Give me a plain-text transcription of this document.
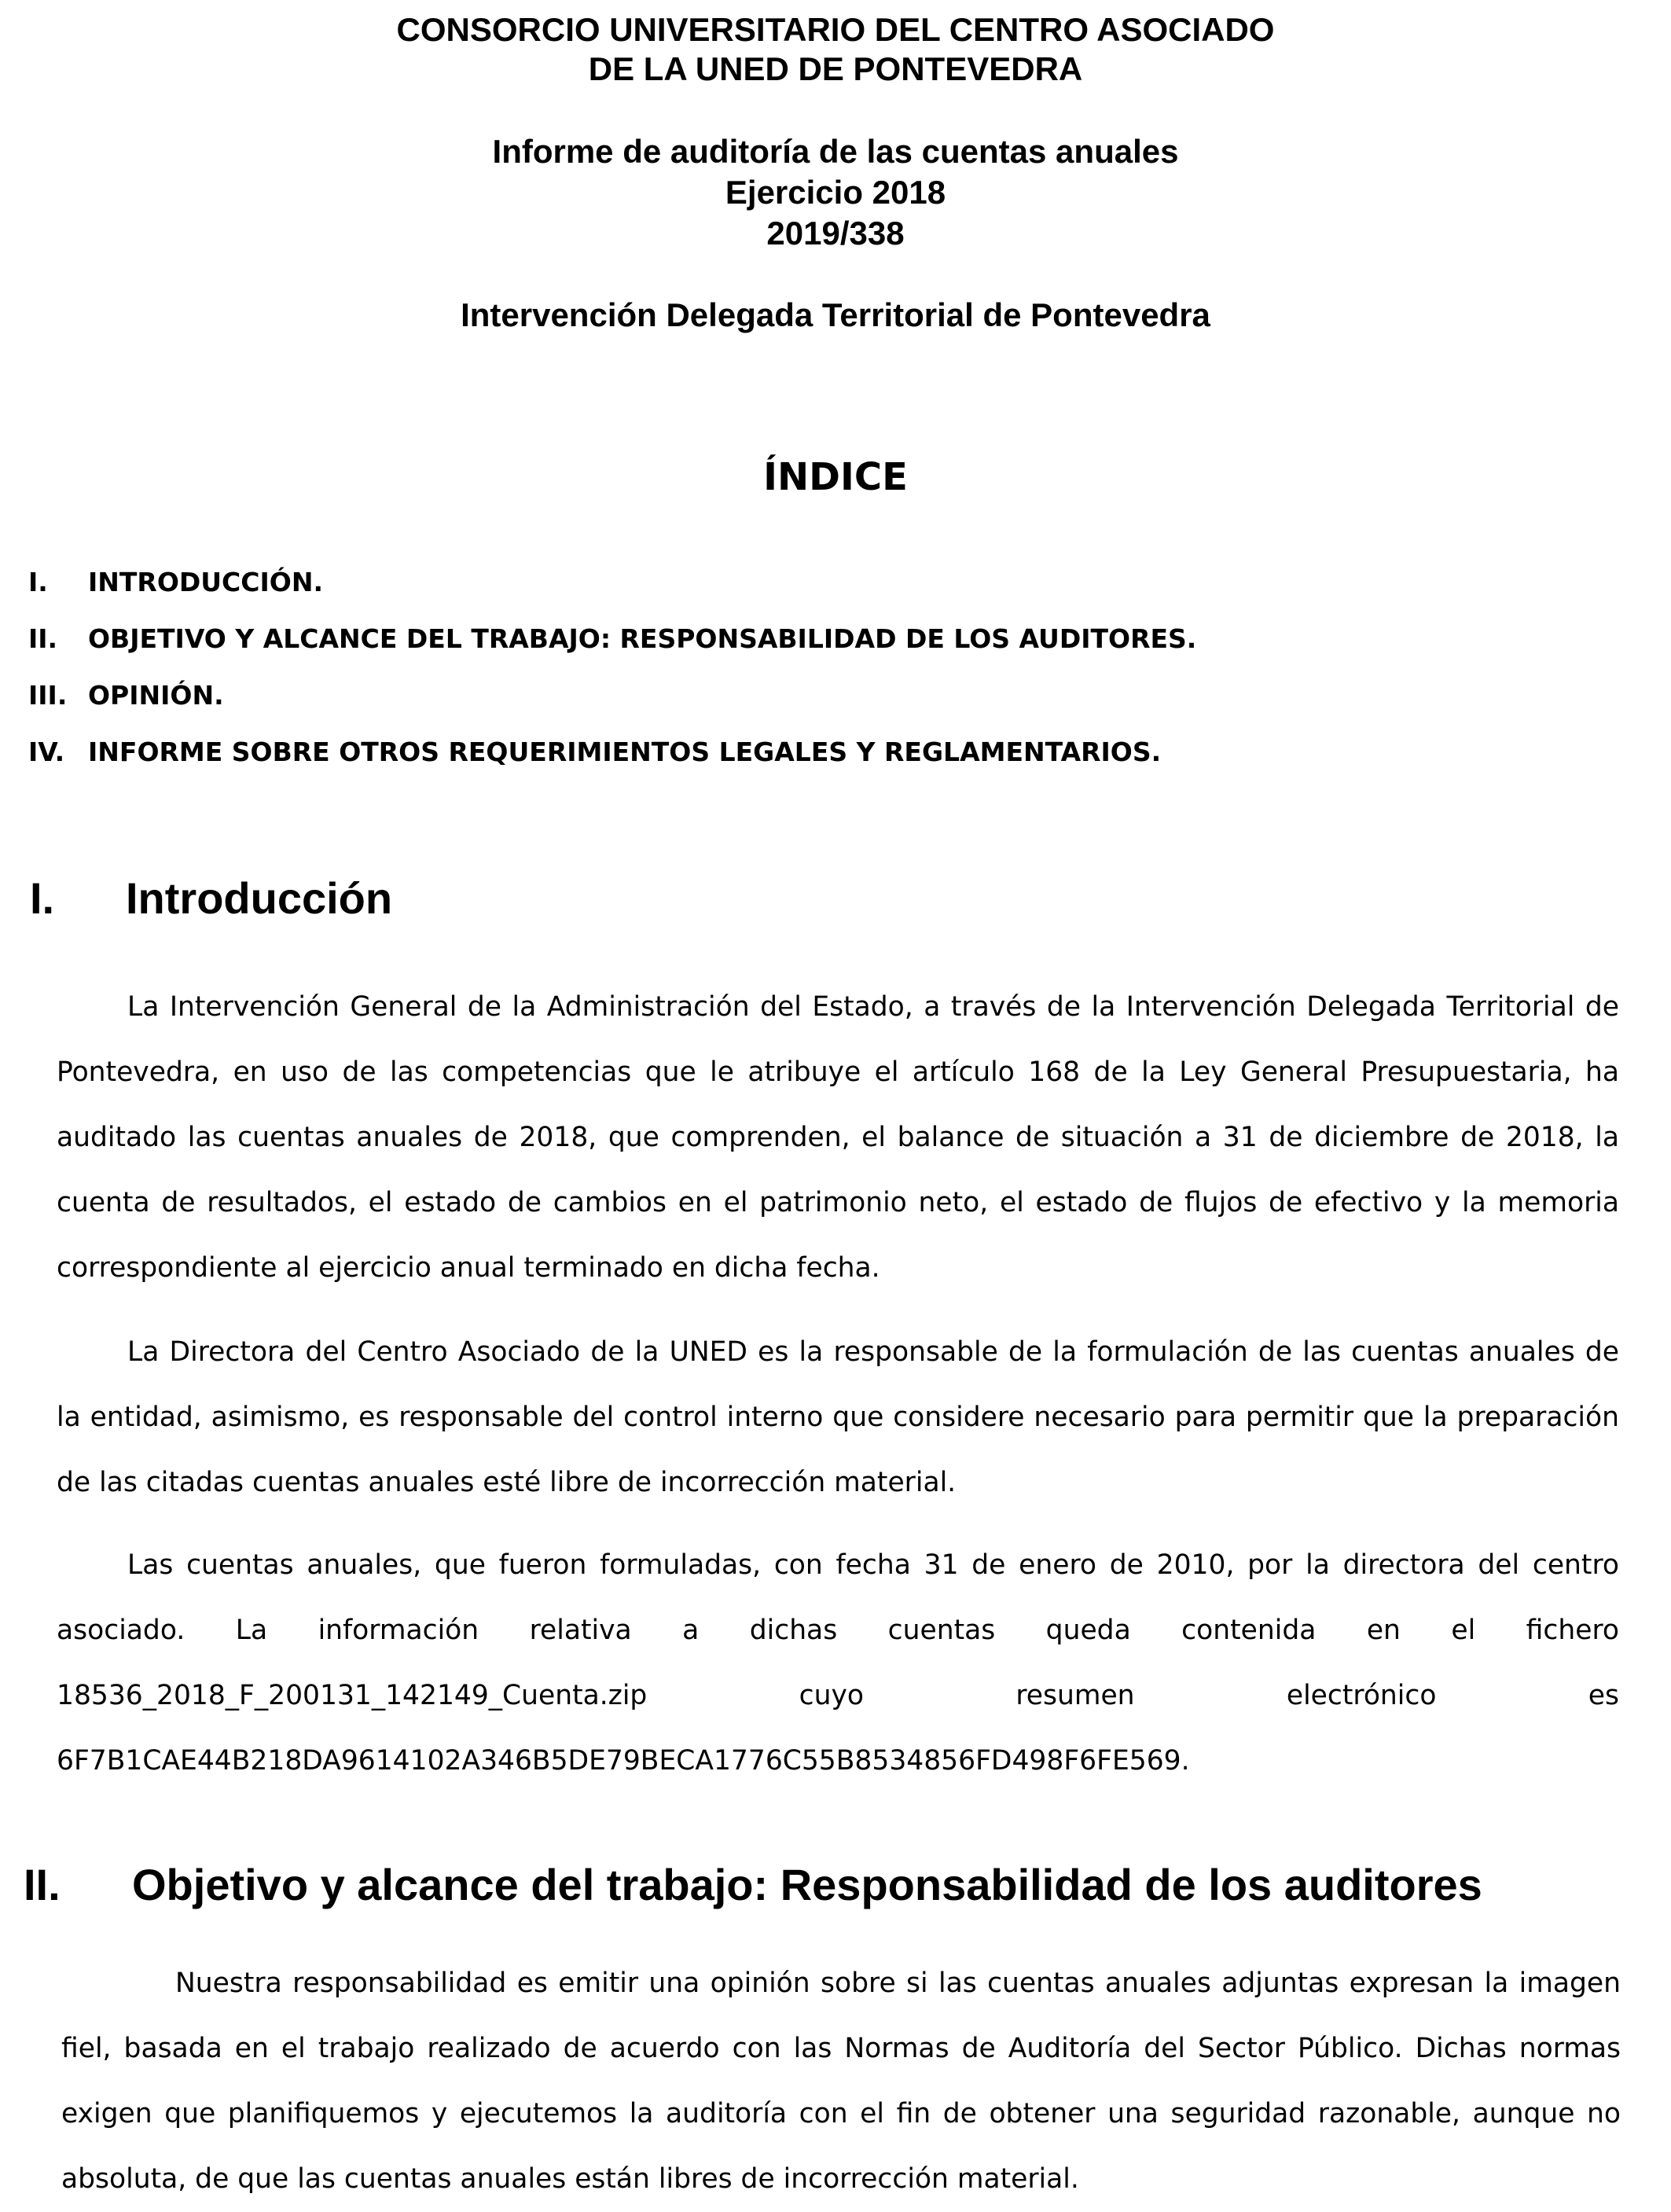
CONSORCIO UNIVERSITARIO DEL CENTRO ASOCIADO
DE LA UNED DE PONTEVEDRA
Informe de auditoría de las cuentas anuales
Ejercicio 2018
2019/338
Intervención Delegada Territorial de Pontevedra
ÍNDICE
I. INTRODUCCIÓN.
II. OBJETIVO Y ALCANCE DEL TRABAJO: RESPONSABILIDAD DE LOS AUDITORES.
III. OPINIÓN.
IV. INFORME SOBRE OTROS REQUERIMIENTOS LEGALES Y REGLAMENTARIOS.
I. Introducción
La Intervención General de la Administración del Estado, a través de la Intervención Delegada Territorial de Pontevedra, en uso de las competencias que le atribuye el artículo 168 de la Ley General Presupuestaria, ha auditado las cuentas anuales de 2018, que comprenden, el balance de situación a 31 de diciembre de 2018, la cuenta de resultados, el estado de cambios en el patrimonio neto, el estado de flujos de efectivo y la memoria correspondiente al ejercicio anual terminado en dicha fecha.
La Directora del Centro Asociado de la UNED es la responsable de la formulación de las cuentas anuales de la entidad, asimismo, es responsable del control interno que considere necesario para permitir que la preparación de las citadas cuentas anuales esté libre de incorrección material.
Las cuentas anuales, que fueron formuladas, con fecha 31 de enero de 2010, por la directora del centro asociado. La información relativa a dichas cuentas queda contenida en el fichero 18536_2018_F_200131_142149_Cuenta.zip cuyo resumen electrónico es 6F7B1CAE44B218DA9614102A346B5DE79BECA1776C55B8534856FD498F6FE569.
II. Objetivo y alcance del trabajo: Responsabilidad de los auditores
Nuestra responsabilidad es emitir una opinión sobre si las cuentas anuales adjuntas expresan la imagen fiel, basada en el trabajo realizado de acuerdo con las Normas de Auditoría del Sector Público. Dichas normas exigen que planifiquemos y ejecutemos la auditoría con el fin de obtener una seguridad razonable, aunque no absoluta, de que las cuentas anuales están libres de incorrección material.
